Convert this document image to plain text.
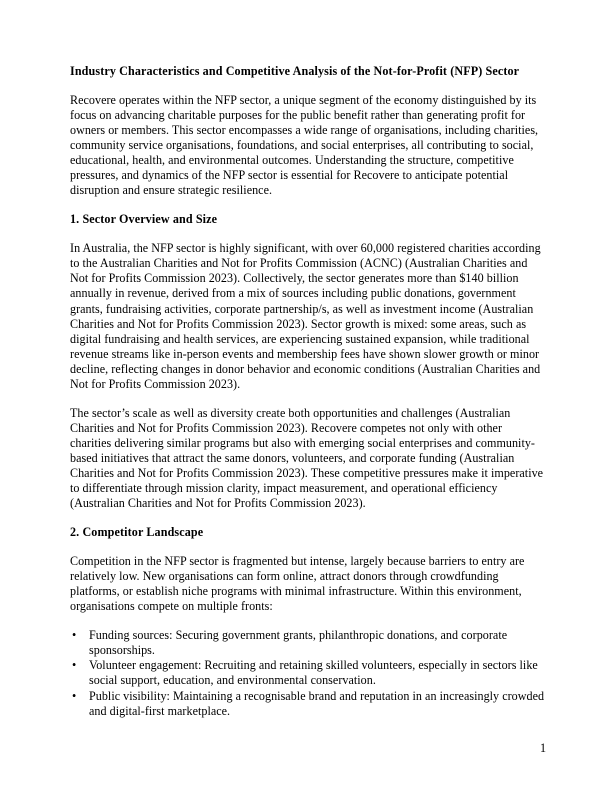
Industry Characteristics and Competitive Analysis of the Not-for-Profit (NFP) Sector

Recovere operates within the NFP sector, a unique segment of the economy distinguished by its focus on advancing charitable purposes for the public benefit rather than generating profit for owners or members. This sector encompasses a wide range of organisations, including charities, community service organisations, foundations, and social enterprises, all contributing to social, educational, health, and environmental outcomes. Understanding the structure, competitive pressures, and dynamics of the NFP sector is essential for Recovere to anticipate potential disruption and ensure strategic resilience.

1. Sector Overview and Size

In Australia, the NFP sector is highly significant, with over 60,000 registered charities according to the Australian Charities and Not for Profits Commission (ACNC) (Australian Charities and Not for Profits Commission 2023). Collectively, the sector generates more than $140 billion annually in revenue, derived from a mix of sources including public donations, government grants, fundraising activities, corporate partnership/s, as well as investment income (Australian Charities and Not for Profits Commission 2023). Sector growth is mixed: some areas, such as digital fundraising and health services, are experiencing sustained expansion, while traditional revenue streams like in-person events and membership fees have shown slower growth or minor decline, reflecting changes in donor behavior and economic conditions (Australian Charities and Not for Profits Commission 2023).

The sector’s scale as well as diversity create both opportunities and challenges (Australian Charities and Not for Profits Commission 2023). Recovere competes not only with other charities delivering similar programs but also with emerging social enterprises and community-based initiatives that attract the same donors, volunteers, and corporate funding (Australian Charities and Not for Profits Commission 2023). These competitive pressures make it imperative to differentiate through mission clarity, impact measurement, and operational efficiency (Australian Charities and Not for Profits Commission 2023).

2. Competitor Landscape

Competition in the NFP sector is fragmented but intense, largely because barriers to entry are relatively low. New organisations can form online, attract donors through crowdfunding platforms, or establish niche programs with minimal infrastructure. Within this environment, organisations compete on multiple fronts:

• Funding sources: Securing government grants, philanthropic donations, and corporate sponsorships.
• Volunteer engagement: Recruiting and retaining skilled volunteers, especially in sectors like social support, education, and environmental conservation.
• Public visibility: Maintaining a recognisable brand and reputation in an increasingly crowded and digital-first marketplace.
1
